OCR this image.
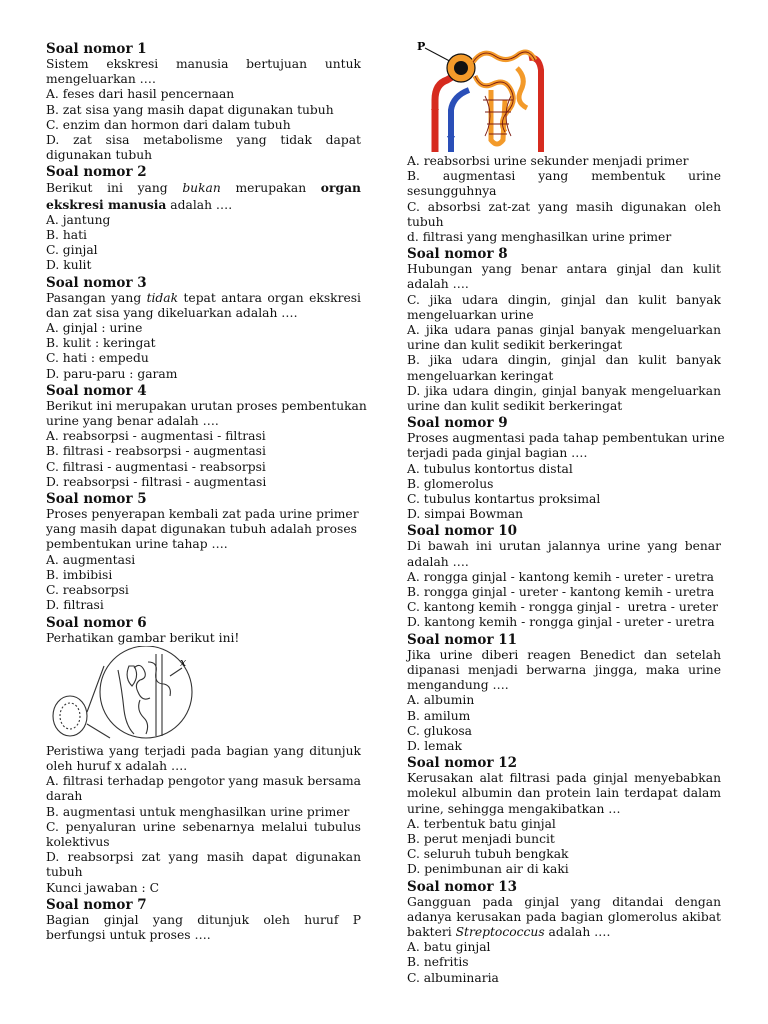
Soal nomor 1
Sistem ekskresi manusia bertujuan untuk
mengeluarkan ….
A. feses dari hasil pencernaan
B. zat sisa yang masih dapat digunakan tubuh
C. enzim dan hormon dari dalam tubuh
D. zat sisa metabolisme yang tidak dapat
digunakan tubuh
Soal nomor 2
Berikut ini yang bukan merupakan organ
ekskresi manusia adalah ….
A. jantung
B. hati
C. ginjal
D. kulit
Soal nomor 3
Pasangan yang tidak tepat antara organ ekskresi
dan zat sisa yang dikeluarkan adalah ….
A. ginjal : urine
B. kulit : keringat
C. hati : empedu
D. paru-paru : garam
Soal nomor 4
Berikut ini merupakan urutan proses pembentukan
urine yang benar adalah ….
A. reabsorpsi - augmentasi - filtrasi
B. filtrasi - reabsorpsi - augmentasi
C. filtrasi - augmentasi - reabsorpsi
D. reabsorpsi - filtrasi - augmentasi
Soal nomor 5
Proses penyerapan kembali zat pada urine primer
yang masih dapat digunakan tubuh adalah proses
pembentukan urine tahap ….
A. augmentasi
B. imbibisi
C. reabsorpsi
D. filtrasi
Soal nomor 6
Perhatikan gambar berikut ini!
x
Peristiwa yang terjadi pada bagian yang ditunjuk
oleh huruf x adalah ….
A. filtrasi terhadap pengotor yang masuk bersama
darah
B. augmentasi untuk menghasilkan urine primer
C. penyaluran urine sebenarnya melalui tubulus
kolektivus
D. reabsorpsi zat yang masih dapat digunakan
tubuh
Kunci jawaban : C
Soal nomor 7
Bagian ginjal yang ditunjuk oleh huruf P
berfungsi untuk proses ….
P
A. reabsorbsi urine sekunder menjadi primer
B. augmentasi yang membentuk urine
sesungguhnya
C. absorbsi zat-zat yang masih digunakan oleh
tubuh
d. filtrasi yang menghasilkan urine primer
Soal nomor 8
Hubungan yang benar antara ginjal dan kulit
adalah ….
C. jika udara dingin, ginjal dan kulit banyak
mengeluarkan urine
A. jika udara panas ginjal banyak mengeluarkan
urine dan kulit sedikit berkeringat
B. jika udara dingin, ginjal dan kulit banyak
mengeluarkan keringat
D. jika udara dingin, ginjal banyak mengeluarkan
urine dan kulit sedikit berkeringat
Soal nomor 9
Proses augmentasi pada tahap pembentukan urine
terjadi pada ginjal bagian ….
A. tubulus kontortus distal
B. glomerolus
C. tubulus kontartus proksimal
D. simpai Bowman
Soal nomor 10
Di bawah ini urutan jalannya urine yang benar
adalah ….
A. rongga ginjal - kantong kemih - ureter - uretra
B. rongga ginjal - ureter - kantong kemih - uretra
C. kantong kemih - rongga ginjal -  uretra - ureter
D. kantong kemih - rongga ginjal - ureter - uretra
Soal nomor 11
Jika urine diberi reagen Benedict dan setelah
dipanasi menjadi berwarna jingga, maka urine
mengandung ….
A. albumin
B. amilum
C. glukosa
D. lemak
Soal nomor 12
Kerusakan alat filtrasi pada ginjal menyebabkan
molekul albumin dan protein lain terdapat dalam
urine, sehingga mengakibatkan …
A. terbentuk batu ginjal
B. perut menjadi buncit
C. seluruh tubuh bengkak
D. penimbunan air di kaki
Soal nomor 13
Gangguan pada ginjal yang ditandai dengan
adanya kerusakan pada bagian glomerolus akibat
bakteri Streptococcus adalah ….
A. batu ginjal
B. nefritis
C. albuminaria
